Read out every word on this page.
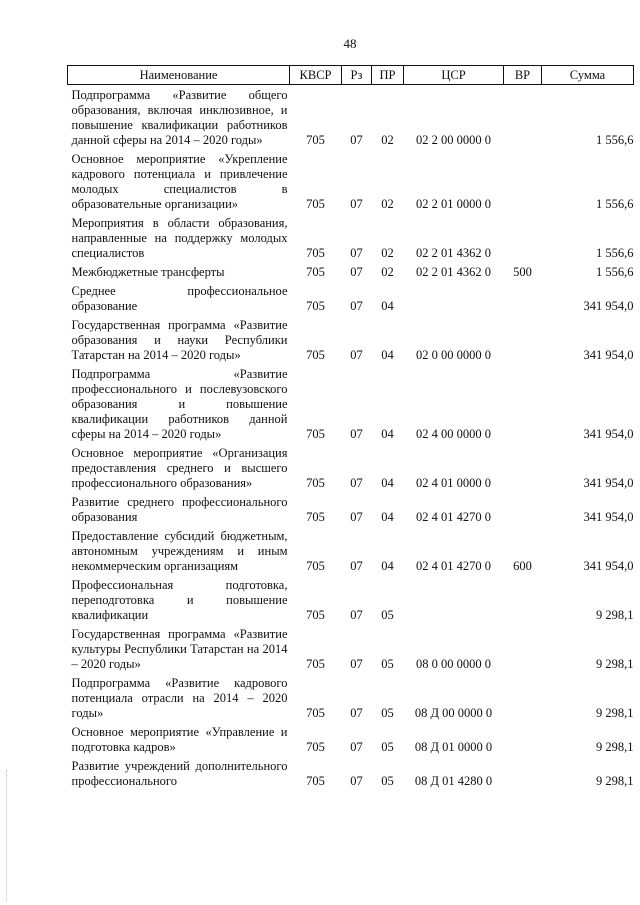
48
Наименование	КВСР	Рз	ПР	ЦСР	ВР	Сумма
Подпрограмма «Развитие общего образования, включая инклюзивное, и повышение квалификации работников данной сферы на 2014 – 2020 годы»	705	07	02	02 2 00 0000 0		1 556,6
Основное мероприятие «Укрепление кадрового потенциала и привлечение молодых специалистов в образовательные организации»	705	07	02	02 2 01 0000 0		1 556,6
Мероприятия в области образования, направленные на поддержку молодых специалистов	705	07	02	02 2 01 4362 0		1 556,6
Межбюджетные трансферты	705	07	02	02 2 01 4362 0	500	1 556,6
Среднее профессиональное образование	705	07	04			341 954,0
Государственная программа «Развитие образования и науки Республики Татарстан на 2014 – 2020 годы»	705	07	04	02 0 00 0000 0		341 954,0
Подпрограмма «Развитие профессионального и послевузовского образования и повышение квалификации работников данной сферы на 2014 – 2020 годы»	705	07	04	02 4 00 0000 0		341 954,0
Основное мероприятие «Организация предоставления среднего и высшего профессионального образования»	705	07	04	02 4 01 0000 0		341 954,0
Развитие среднего профессионального образования	705	07	04	02 4 01 4270 0		341 954,0
Предоставление субсидий бюджетным, автономным учреждениям и иным некоммерческим организациям	705	07	04	02 4 01 4270 0	600	341 954,0
Профессиональная подготовка, переподготовка и повышение квалификации	705	07	05			9 298,1
Государственная программа «Развитие культуры Республики Татарстан на 2014 – 2020 годы»	705	07	05	08 0 00 0000 0		9 298,1
Подпрограмма «Развитие кадрового потенциала отрасли на 2014 – 2020 годы»	705	07	05	08 Д 00 0000 0		9 298,1
Основное мероприятие «Управление и подготовка кадров»	705	07	05	08 Д 01 0000 0		9 298,1
Развитие учреждений дополнительного профессионального	705	07	05	08 Д 01 4280 0		9 298,1
